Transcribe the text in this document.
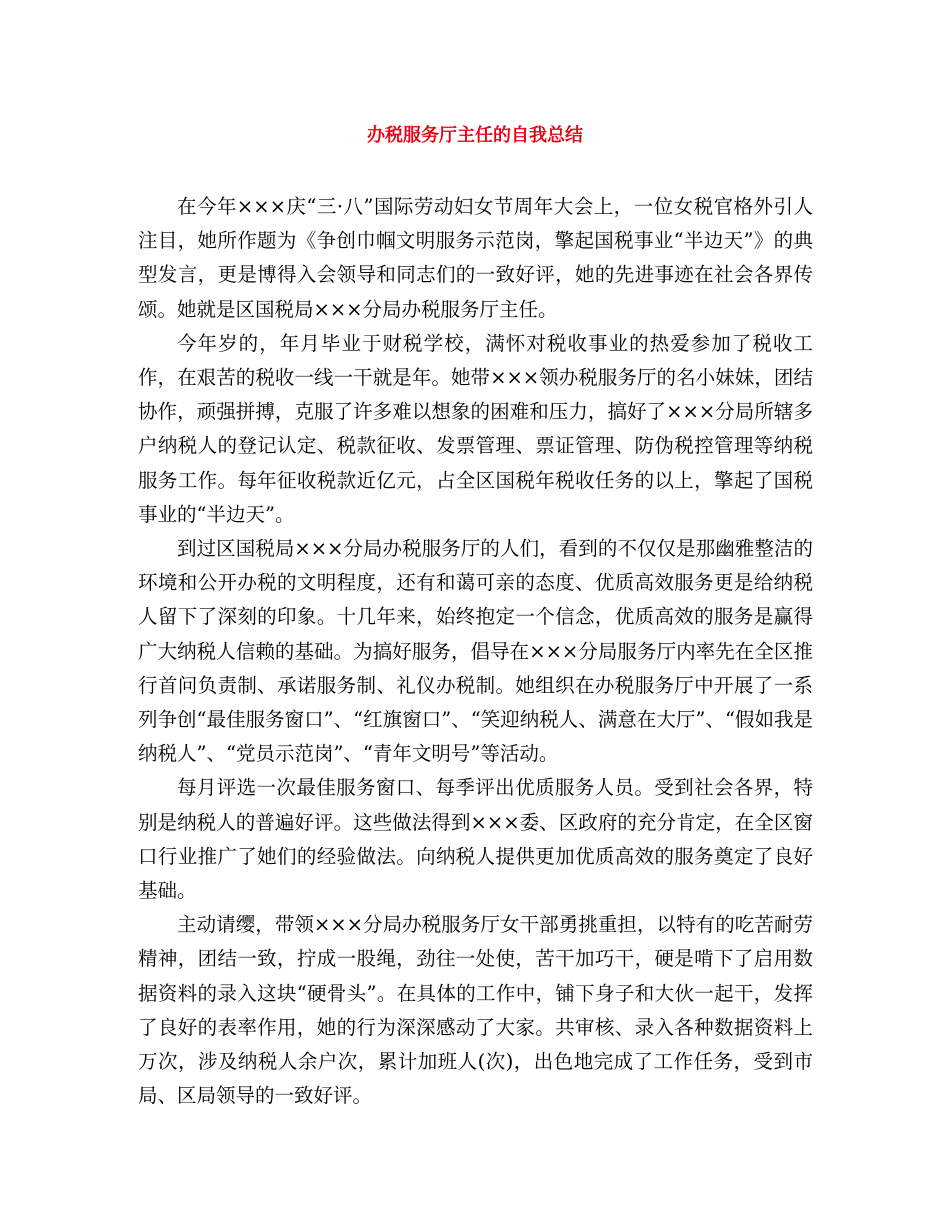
办税服务厅主任的自我总结

在今年×××庆“三·八”国际劳动妇女节周年大会上，一位女税官格外引人注目，她所作题为《争创巾帼文明服务示范岗，擎起国税事业“半边天”》的典型发言，更是博得入会领导和同志们的一致好评，她的先进事迹在社会各界传颂。她就是区国税局×××分局办税服务厅主任。

今年岁的，年月毕业于财税学校，满怀对税收事业的热爱参加了税收工作，在艰苦的税收一线一干就是年。她带×××领办税服务厅的名小妹妹，团结协作，顽强拼搏，克服了许多难以想象的困难和压力，搞好了×××分局所辖多户纳税人的登记认定、税款征收、发票管理、票证管理、防伪税控管理等纳税服务工作。每年征收税款近亿元，占全区国税年税收任务的以上，擎起了国税事业的“半边天”。

到过区国税局×××分局办税服务厅的人们，看到的不仅仅是那幽雅整洁的环境和公开办税的文明程度，还有和蔼可亲的态度、优质高效服务更是给纳税人留下了深刻的印象。十几年来，始终抱定一个信念，优质高效的服务是赢得广大纳税人信赖的基础。为搞好服务，倡导在×××分局服务厅内率先在全区推行首问负责制、承诺服务制、礼仪办税制。她组织在办税服务厅中开展了一系列争创“最佳服务窗口”、“红旗窗口”、“笑迎纳税人、满意在大厅”、“假如我是纳税人”、“党员示范岗”、“青年文明号”等活动。

每月评选一次最佳服务窗口、每季评出优质服务人员。受到社会各界，特别是纳税人的普遍好评。这些做法得到×××委、区政府的充分肯定，在全区窗口行业推广了她们的经验做法。向纳税人提供更加优质高效的服务奠定了良好基础。

主动请缨，带领×××分局办税服务厅女干部勇挑重担，以特有的吃苦耐劳精神，团结一致，拧成一股绳，劲往一处使，苦干加巧干，硬是啃下了启用数据资料的录入这块“硬骨头”。在具体的工作中，铺下身子和大伙一起干，发挥了良好的表率作用，她的行为深深感动了大家。共审核、录入各种数据资料上万次，涉及纳税人余户次，累计加班人(次)，出色地完成了工作任务，受到市局、区局领导的一致好评。
